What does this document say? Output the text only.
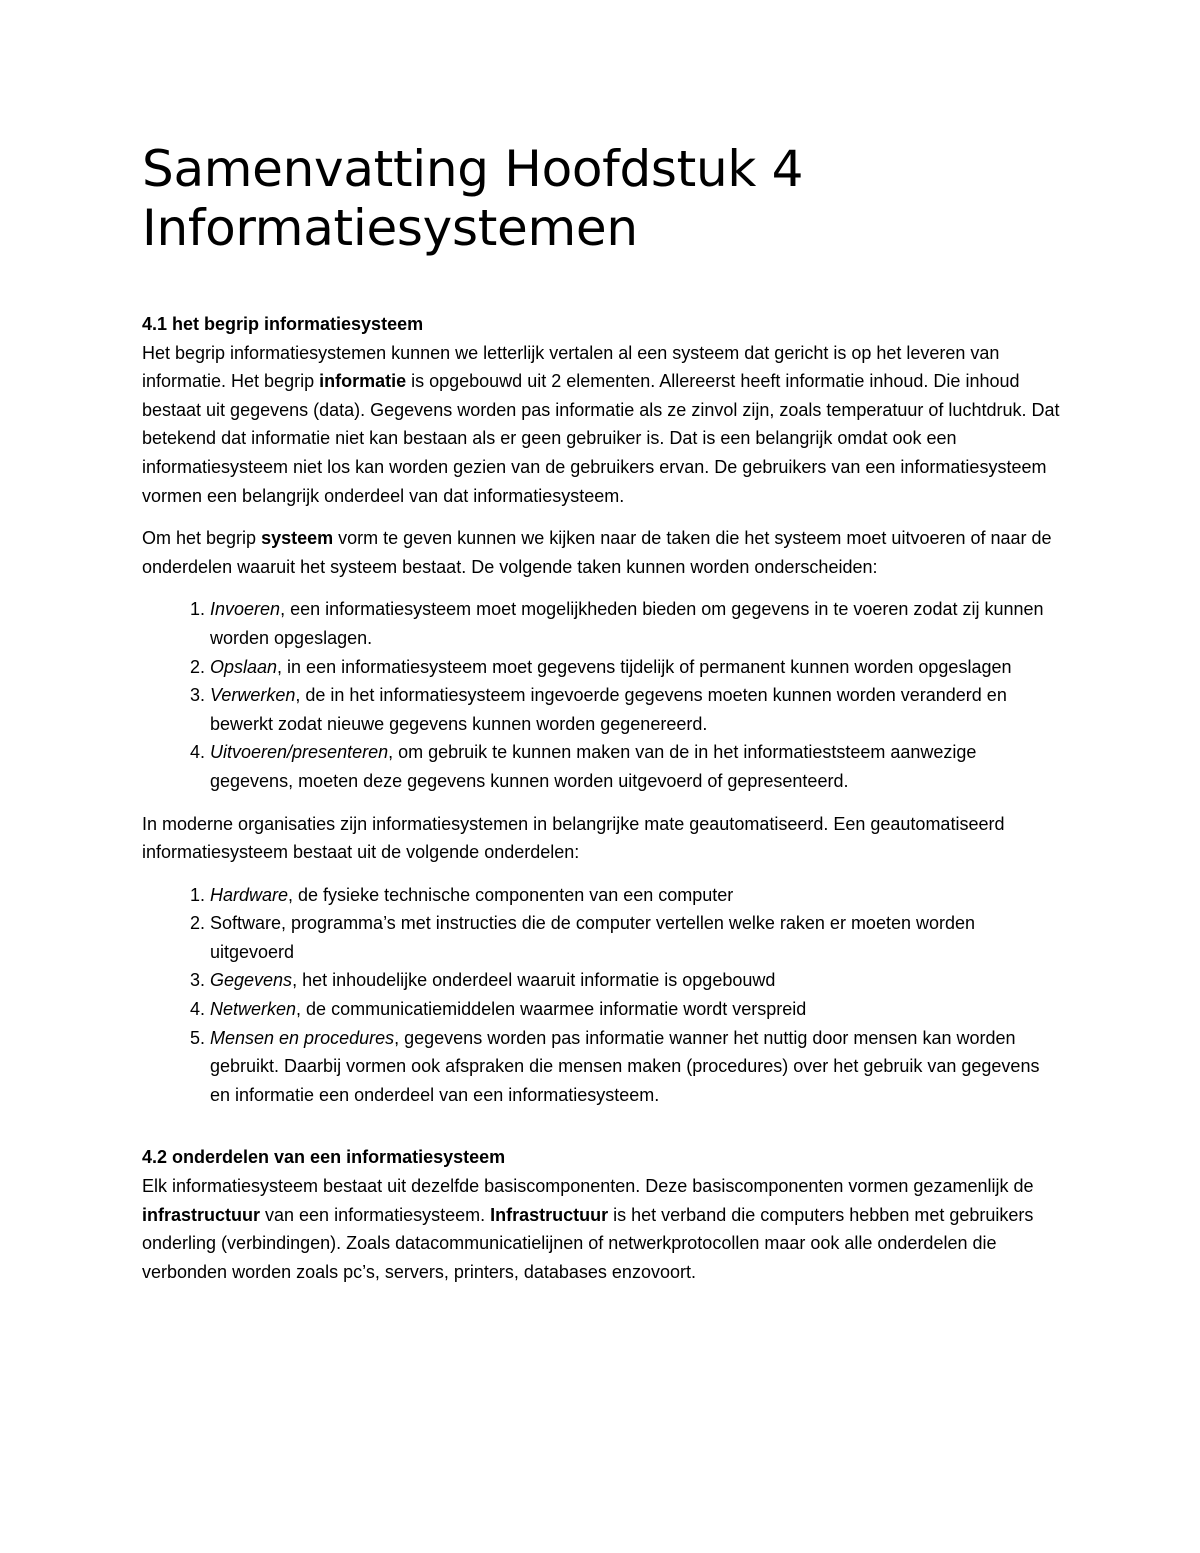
Samenvatting Hoofdstuk 4
Informatiesystemen
4.1 het begrip informatiesysteem

Het begrip informatiesystemen kunnen we letterlijk vertalen al een systeem dat gericht is op het leveren van informatie. Het begrip informatie is opgebouwd uit 2 elementen. Allereerst heeft informatie inhoud. Die inhoud bestaat uit gegevens (data). Gegevens worden pas informatie als ze zinvol zijn, zoals temperatuur of luchtdruk. Dat betekend dat informatie niet kan bestaan als er geen gebruiker is. Dat is een belangrijk omdat ook een informatiesysteem niet los kan worden gezien van de gebruikers ervan. De gebruikers van een informatiesysteem vormen een belangrijk onderdeel van dat informatiesysteem.

Om het begrip systeem vorm te geven kunnen we kijken naar de taken die het systeem moet uitvoeren of naar de onderdelen waaruit het systeem bestaat. De volgende taken kunnen worden onderscheiden:

1. Invoeren, een informatiesysteem moet mogelijkheden bieden om gegevens in te voeren zodat zij kunnen worden opgeslagen.
2. Opslaan, in een informatiesysteem moet gegevens tijdelijk of permanent kunnen worden opgeslagen
3. Verwerken, de in het informatiesysteem ingevoerde gegevens moeten kunnen worden veranderd en bewerkt zodat nieuwe gegevens kunnen worden gegenereerd.
4. Uitvoeren/presenteren, om gebruik te kunnen maken van de in het informatieststeem aanwezige gegevens, moeten deze gegevens kunnen worden uitgevoerd of gepresenteerd.

In moderne organisaties zijn informatiesystemen in belangrijke mate geautomatiseerd. Een geautomatiseerd informatiesysteem bestaat uit de volgende onderdelen:

1. Hardware, de fysieke technische componenten van een computer
2. Software, programma’s met instructies die de computer vertellen welke raken er moeten worden uitgevoerd
3. Gegevens, het inhoudelijke onderdeel waaruit informatie is opgebouwd
4. Netwerken, de communicatiemiddelen waarmee informatie wordt verspreid
5. Mensen en procedures, gegevens worden pas informatie wanner het nuttig door mensen kan worden gebruikt. Daarbij vormen ook afspraken die mensen maken (procedures) over het gebruik van gegevens en informatie een onderdeel van een informatiesysteem.
4.2 onderdelen van een informatiesysteem

Elk informatiesysteem bestaat uit dezelfde basiscomponenten. Deze basiscomponenten vormen gezamenlijk de infrastructuur van een informatiesysteem. Infrastructuur is het verband die computers hebben met gebruikers onderling (verbindingen). Zoals datacommunicatielijnen of netwerkprotocollen maar ook alle onderdelen die verbonden worden zoals pc’s, servers, printers, databases enzovoort.
